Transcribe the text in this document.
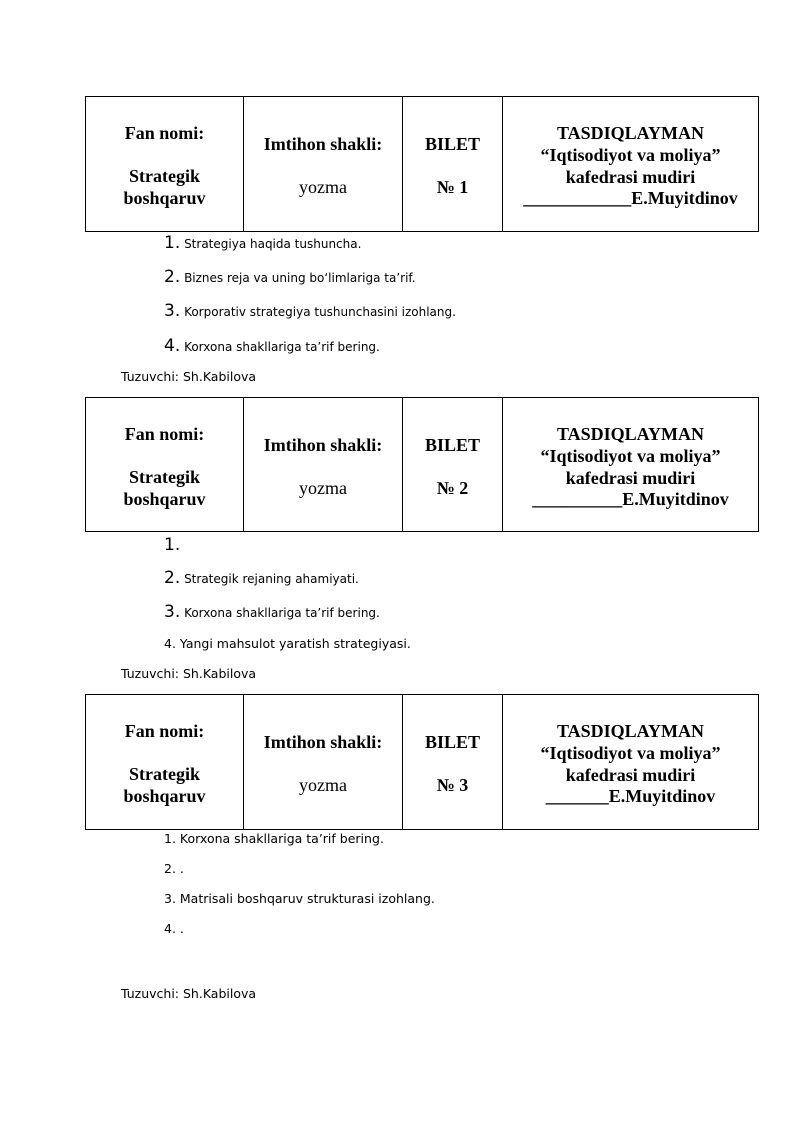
Fan nomi:
Strategik
boshqaruv
Imtihon shakli:
yozma
BILET
№ 1
TASDIQLAYMAN
“Iqtisodiyot va moliya”
kafedrasi mudiri
____________E.Muyitdinov
1. Strategiya haqida tushuncha.
2. Biznes reja va uning bo‘limlariga ta’rif.
3. Korporativ strategiya tushunchasini izohlang.
4. Korxona shakllariga ta’rif bering.
Tuzuvchi: Sh.Kabilova
Fan nomi:
Strategik
boshqaruv
Imtihon shakli:
yozma
BILET
№ 2
TASDIQLAYMAN
“Iqtisodiyot va moliya”
kafedrasi mudiri
__________E.Muyitdinov
1.
2. Strategik rejaning ahamiyati.
3. Korxona shakllariga ta’rif bering.
4. Yangi mahsulot yaratish strategiyasi.
Tuzuvchi: Sh.Kabilova
Fan nomi:
Strategik
boshqaruv
Imtihon shakli:
yozma
BILET
№ 3
TASDIQLAYMAN
“Iqtisodiyot va moliya”
kafedrasi mudiri
_______E.Muyitdinov
1. Korxona shakllariga ta’rif bering.
2. .
3. Matrisali boshqaruv strukturasi izohlang.
4. .
Tuzuvchi: Sh.Kabilova
